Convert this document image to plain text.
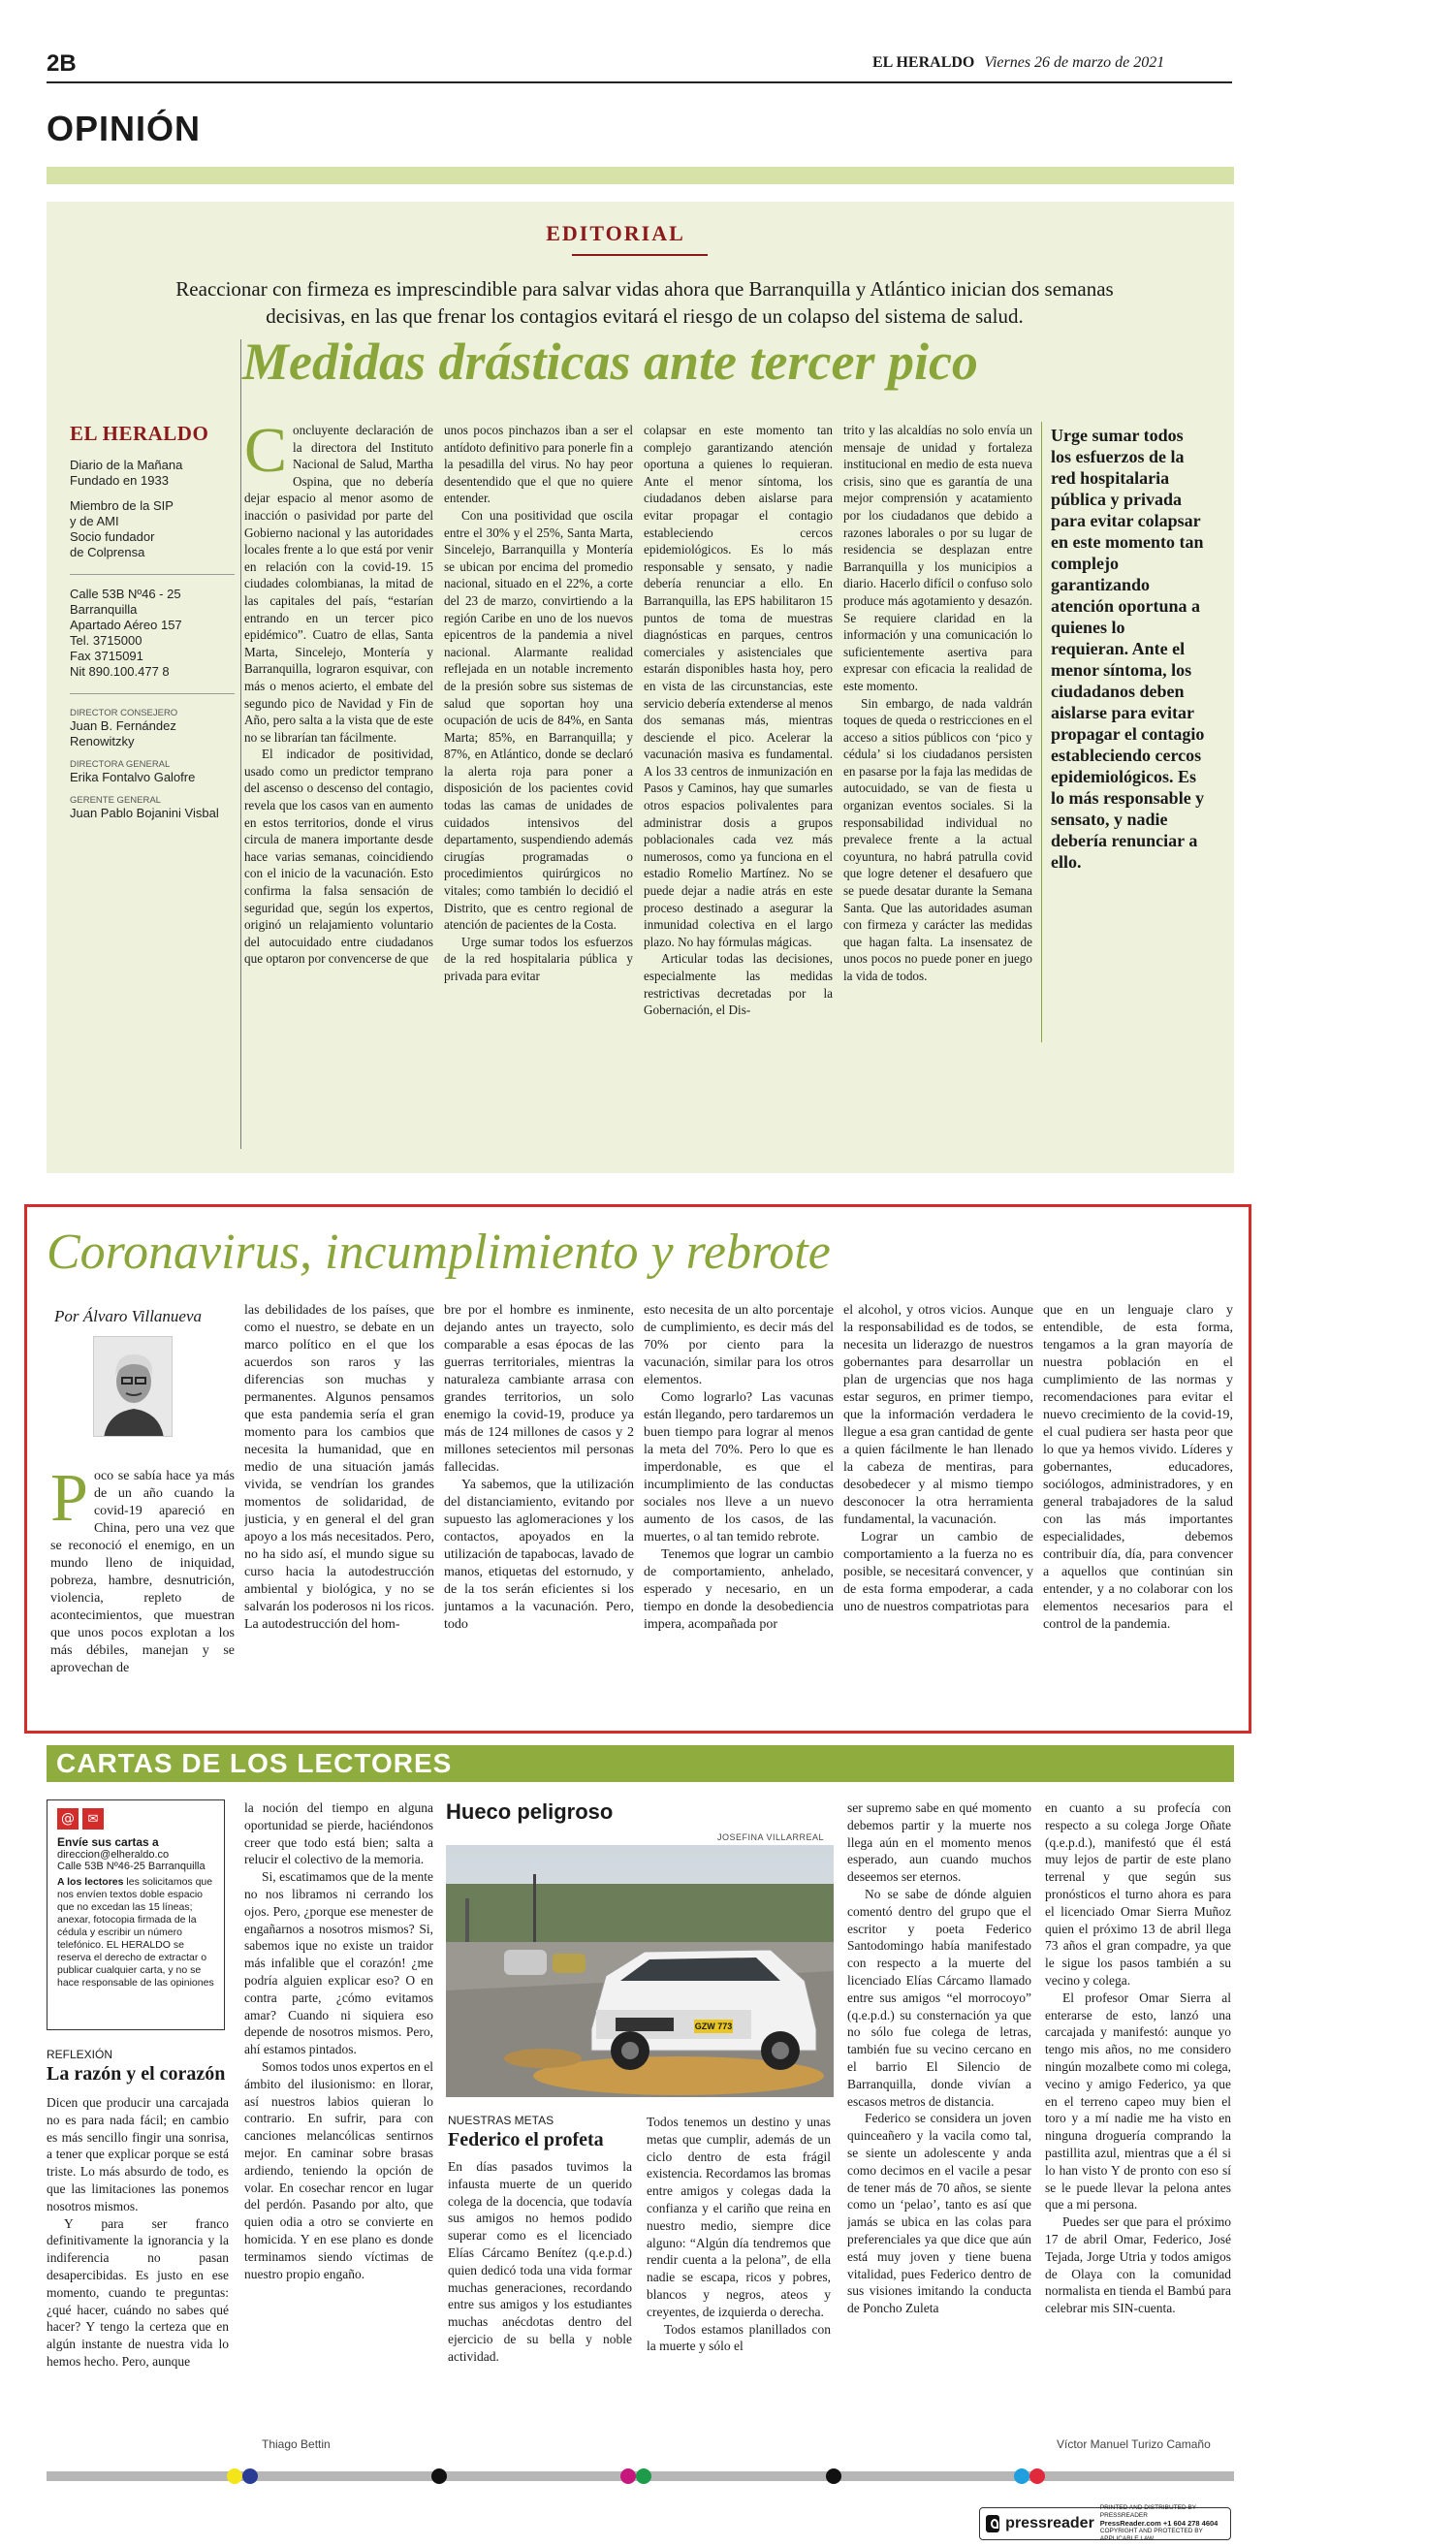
2B	EL HERALDO Viernes 26 de marzo de 2021
OPINIÓN
EDITORIAL
Reaccionar con firmeza es imprescindible para salvar vidas ahora que Barranquilla y Atlántico inician dos semanas decisivas, en las que frenar los contagios evitará el riesgo de un colapso del sistema de salud.
Medidas drásticas ante tercer pico
EL HERALDO
Diario de la Mañana
Fundado en 1933
Miembro de la SIP
y de AMI
Socio fundador
de Colprensa
Calle 53B Nº46 - 25
Barranquilla
Apartado Aéreo 157
Tel. 3715000
Fax 3715091
Nit 890.100.477 8
DIRECTOR CONSEJERO
Juan B. Fernández Renowitzky
DIRECTORA GENERAL
Erika Fontalvo Galofre
GERENTE GENERAL
Juan Pablo Bojanini Visbal

Concluyente declaración de la directora del Instituto Nacional de Salud, Martha Ospina, que no debería dejar espacio al menor asomo de inacción o pasividad por parte del Gobierno nacional y las autoridades locales frente a lo que está por venir en relación con la covid-19. 15 ciudades colombianas, la mitad de las capitales del país, “estarían entrando en un tercer pico epidémico”. Cuatro de ellas, Santa Marta, Sincelejo, Montería y Barranquilla, lograron esquivar, con más o menos acierto, el embate del segundo pico de Navidad y Fin de Año, pero salta a la vista que de este no se librarían tan fácilmente.

El indicador de positividad, usado como un predictor temprano del ascenso o descenso del contagio, revela que los casos van en aumento en estos territorios, donde el virus circula de manera importante desde hace varias semanas, coincidiendo con el inicio de la vacunación. Esto confirma la falsa sensación de seguridad que, según los expertos, originó un relajamiento voluntario del autocuidado entre ciudadanos que optaron por convencerse de que

unos pocos pinchazos iban a ser el antídoto definitivo para ponerle fin a la pesadilla del virus. No hay peor desentendido que el que no quiere entender.

Con una positividad que oscila entre el 30% y el 25%, Santa Marta, Sincelejo, Barranquilla y Montería se ubican por encima del promedio nacional, situado en el 22%, a corte del 23 de marzo, convirtiendo a la región Caribe en uno de los nuevos epicentros de la pandemia a nivel nacional. Alarmante realidad reflejada en un notable incremento de la presión sobre sus sistemas de salud que soportan hoy una ocupación de ucis de 84%, en Santa Marta; 85%, en Barranquilla; y 87%, en Atlántico, donde se declaró la alerta roja para poner a disposición de los pacientes covid todas las camas de unidades de cuidados intensivos del departamento, suspendiendo además cirugías programadas o procedimientos quirúrgicos no vitales; como también lo decidió el Distrito, que es centro regional de atención de pacientes de la Costa.

Urge sumar todos los esfuerzos de la red hospitalaria pública y privada para evitar

colapsar en este momento tan complejo garantizando atención oportuna a quienes lo requieran. Ante el menor síntoma, los ciudadanos deben aislarse para evitar propagar el contagio estableciendo cercos epidemiológicos. Es lo más responsable y sensato, y nadie debería renunciar a ello. En Barranquilla, las EPS habilitaron 15 puntos de toma de muestras diagnósticas en parques, centros comerciales y asistenciales que estarán disponibles hasta hoy, pero en vista de las circunstancias, este servicio debería extenderse al menos dos semanas más, mientras desciende el pico. Acelerar la vacunación masiva es fundamental. A los 33 centros de inmunización en Pasos y Caminos, hay que sumarles otros espacios polivalentes para administrar dosis a grupos poblacionales cada vez más numerosos, como ya funciona en el estadio Romelio Martínez. No se puede dejar a nadie atrás en este proceso destinado a asegurar la inmunidad colectiva en el largo plazo. No hay fórmulas mágicas.

Articular todas las decisiones, especialmente las medidas restrictivas decretadas por la Gobernación, el Dis-

trito y las alcaldías no solo envía un mensaje de unidad y fortaleza institucional en medio de esta nueva crisis, sino que es garantía de una mejor comprensión y acatamiento por los ciudadanos que debido a razones laborales o por su lugar de residencia se desplazan entre Barranquilla y los municipios a diario. Hacerlo difícil o confuso solo produce más agotamiento y desazón. Se requiere claridad en la información y una comunicación lo suficientemente asertiva para expresar con eficacia la realidad de este momento.

Sin embargo, de nada valdrán toques de queda o restricciones en el acceso a sitios públicos con ‘pico y cédula’ si los ciudadanos persisten en pasarse por la faja las medidas de autocuidado, se van de fiesta u organizan eventos sociales. Si la responsabilidad individual no prevalece frente a la actual coyuntura, no habrá patrulla covid que logre detener el desafuero que se puede desatar durante la Semana Santa. Que las autoridades asuman con firmeza y carácter las medidas que hagan falta. La insensatez de unos pocos no puede poner en juego la vida de todos.

Urge sumar todos los esfuerzos de la red hospitalaria pública y privada para evitar colapsar en este momento tan complejo garantizando atención oportuna a quienes lo requieran. Ante el menor síntoma, los ciudadanos deben aislarse para evitar propagar el contagio estableciendo cercos epidemiológicos. Es lo más responsable y sensato, y nadie debería renunciar a ello.
Coronavirus, incumplimiento y rebrote
Por Álvaro Villanueva

Poco se sabía hace ya más de un año cuando la covid-19 apareció en China, pero una vez que se reconoció el enemigo, en un mundo lleno de iniquidad, pobreza, hambre, desnutrición, violencia, repleto de acontecimientos, que muestran que unos pocos explotan a los más débiles, manejan y se aprovechan de

las debilidades de los países, que como el nuestro, se debate en un marco político en el que los acuerdos son raros y las diferencias son muchas y permanentes. Algunos pensamos que esta pandemia sería el gran momento para los cambios que necesita la humanidad, que en medio de una situación jamás vivida, se vendrían los grandes momentos de solidaridad, de justicia, y en general el del gran apoyo a los más necesitados. Pero, no ha sido así, el mundo sigue su curso hacia la autodestrucción ambiental y biológica, y no se salvarán los poderosos ni los ricos. La autodestrucción del hom-

bre por el hombre es inminente, dejando antes un trayecto, solo comparable a esas épocas de las guerras territoriales, mientras la naturaleza cambiante arrasa con grandes territorios, un solo enemigo la covid-19, produce ya más de 124 millones de casos y 2 millones setecientos mil personas fallecidas.

Ya sabemos, que la utilización del distanciamiento, evitando por supuesto las aglomeraciones y los contactos, apoyados en la utilización de tapabocas, lavado de manos, etiquetas del estornudo, y de la tos serán eficientes si los juntamos a la vacunación. Pero, todo

esto necesita de un alto porcentaje de cumplimiento, es decir más del 70% por ciento para la vacunación, similar para los otros elementos.

Como lograrlo? Las vacunas están llegando, pero tardaremos un buen tiempo para lograr al menos la meta del 70%. Pero lo que es imperdonable, es que el incumplimiento de las conductas sociales nos lleve a un nuevo aumento de los casos, de las muertes, o al tan temido rebrote.

Tenemos que lograr un cambio de comportamiento, anhelado, esperado y necesario, en un tiempo en donde la desobediencia impera, acompañada por

el alcohol, y otros vicios. Aunque la responsabilidad es de todos, se necesita un liderazgo de nuestros gobernantes para desarrollar un plan de urgencias que nos haga estar seguros, en primer tiempo, que la información verdadera le llegue a esa gran cantidad de gente a quien fácilmente le han llenado la cabeza de mentiras, para desobedecer y al mismo tiempo desconocer la otra herramienta fundamental, la vacunación.

Lograr un cambio de comportamiento a la fuerza no es posible, se necesitará convencer, y de esta forma empoderar, a cada uno de nuestros compatriotas para

que en un lenguaje claro y entendible, de esta forma, tengamos a la gran mayoría de nuestra población en el cumplimiento de las normas y recomendaciones para evitar el nuevo crecimiento de la covid-19, el cual pudiera ser hasta peor que lo que ya hemos vivido. Líderes y gobernantes, educadores, sociólogos, administradores, y en general trabajadores de la salud con las más importantes especialidades, debemos contribuir día, día, para convencer a aquellos que continúan sin entender, y a no colaborar con los elementos necesarios para el control de la pandemia.

CARTAS DE LOS LECTORES
@	✉
Envíe sus cartas a
direccion@elheraldo.co
Calle 53B Nº46-25 Barranquilla
A los lectores les solicitamos que nos envíen textos doble espacio que no excedan las 15 líneas; anexar, fotocopia firmada de la cédula y escribir un número telefónico. EL HERALDO se reserva el derecho de extractar o publicar cualquier carta, y no se hace responsable de las opiniones
REFLEXIÓN
La razón y el corazón

Dicen que producir una carcajada no es para nada fácil; en cambio es más sencillo fingir una sonrisa, a tener que explicar porque se está triste. Lo más absurdo de todo, es que las limitaciones las ponemos nosotros mismos.

Y para ser franco definitivamente la ignorancia y la indiferencia no pasan desapercibidas. Es justo en ese momento, cuando te preguntas: ¿qué hacer, cuándo no sabes qué hacer? Y tengo la certeza que en algún instante de nuestra vida lo hemos hecho. Pero, aunque

la noción del tiempo en alguna oportunidad se pierde, haciéndonos creer que todo está bien; salta a relucir el colectivo de la memoria.

Si, escatimamos que de la mente no nos libramos ni cerrando los ojos. Pero, ¿porque ese menester de engañarnos a nosotros mismos? Si, sabemos ique no existe un traidor más infalible que el corazón! ¿me podría alguien explicar eso? O en contra parte, ¿cómo evitamos amar? Cuando ni siquiera eso depende de nosotros mismos. Pero, ahí estamos pintados.

Somos todos unos expertos en el ámbito del ilusionismo: en llorar, así nuestros labios quieran lo contrario. En sufrir, para con canciones melancólicas sentirnos mejor. En caminar sobre brasas ardiendo, teniendo la opción de volar. En cosechar rencor en lugar del perdón. Pasando por alto, que quien odia a otro se convierte en homicida. Y en ese plano es donde terminamos siendo víctimas de nuestro propio engaño.

Thiago Bettin
Hueco peligroso
JOSEFINA VILLARREAL
GZW 773
NUESTRAS METAS
Federico el profeta

En días pasados tuvimos la infausta muerte de un querido colega de la docencia, que todavía sus amigos no hemos podido superar como es el licenciado Elías Cárcamo Benítez (q.e.p.d.) quien dedicó toda una vida formar muchas generaciones, recordando entre sus amigos y los estudiantes muchas anécdotas dentro del ejercicio de su bella y noble actividad.

Todos tenemos un destino y unas metas que cumplir, además de un ciclo dentro de esta frágil existencia. Recordamos las bromas entre amigos y colegas dada la confianza y el cariño que reina en nuestro medio, siempre dice alguno: “Algún día tendremos que rendir cuenta a la pelona”, de ella nadie se escapa, ricos y pobres, blancos y negros, ateos y creyentes, de izquierda o derecha.

Todos estamos planillados con la muerte y sólo el

ser supremo sabe en qué momento debemos partir y la muerte nos llega aún en el momento menos esperado, aun cuando muchos deseemos ser eternos.

No se sabe de dónde alguien comentó dentro del grupo que el escritor y poeta Federico Santodomingo había manifestado con respecto a la muerte del licenciado Elías Cárcamo llamado entre sus amigos “el morrocoyo” (q.e.p.d.) su consternación ya que no sólo fue colega de letras, también fue su vecino cercano en el barrio El Silencio de Barranquilla, donde vivían a escasos metros de distancia.

Federico se considera un joven quinceañero y la vacila como tal, se siente un adolescente y anda como decimos en el vacile a pesar de tener más de 70 años, se siente como un ‘pelao’, tanto es así que jamás se ubica en las colas para preferenciales ya que dice que aún está muy joven y tiene buena vitalidad, pues Federico dentro de sus visiones imitando la conducta de Poncho Zuleta

en cuanto a su profecía con respecto a su colega Jorge Oñate (q.e.p.d.), manifestó que él está muy lejos de partir de este plano terrenal y que según sus pronósticos el turno ahora es para el licenciado Omar Sierra Muñoz quien el próximo 13 de abril llega 73 años el gran compadre, ya que le sigue los pasos también a su vecino y colega.

El profesor Omar Sierra al enterarse de esto, lanzó una carcajada y manifestó: aunque yo tengo mis años, no me considero ningún mozalbete como mi colega, vecino y amigo Federico, ya que en el terreno capeo muy bien el toro y a mí nadie me ha visto en ninguna droguería comprando la pastillita azul, mientras que a él si lo han visto Y de pronto con eso sí se le puede llevar la pelona antes que a mi persona.

Puedes ser que para el próximo 17 de abril Omar, Federico, José Tejada, Jorge Utria y todos amigos de Olaya con la comunidad normalista en tienda el Bambú para celebrar mis SIN-cuenta.

Víctor Manuel Turizo Camaño
pressreader
PRINTED AND DISTRIBUTED BY PRESSREADER
PressReader.com +1 604 278 4604
COPYRIGHT AND PROTECTED BY APPLICABLE LAW
